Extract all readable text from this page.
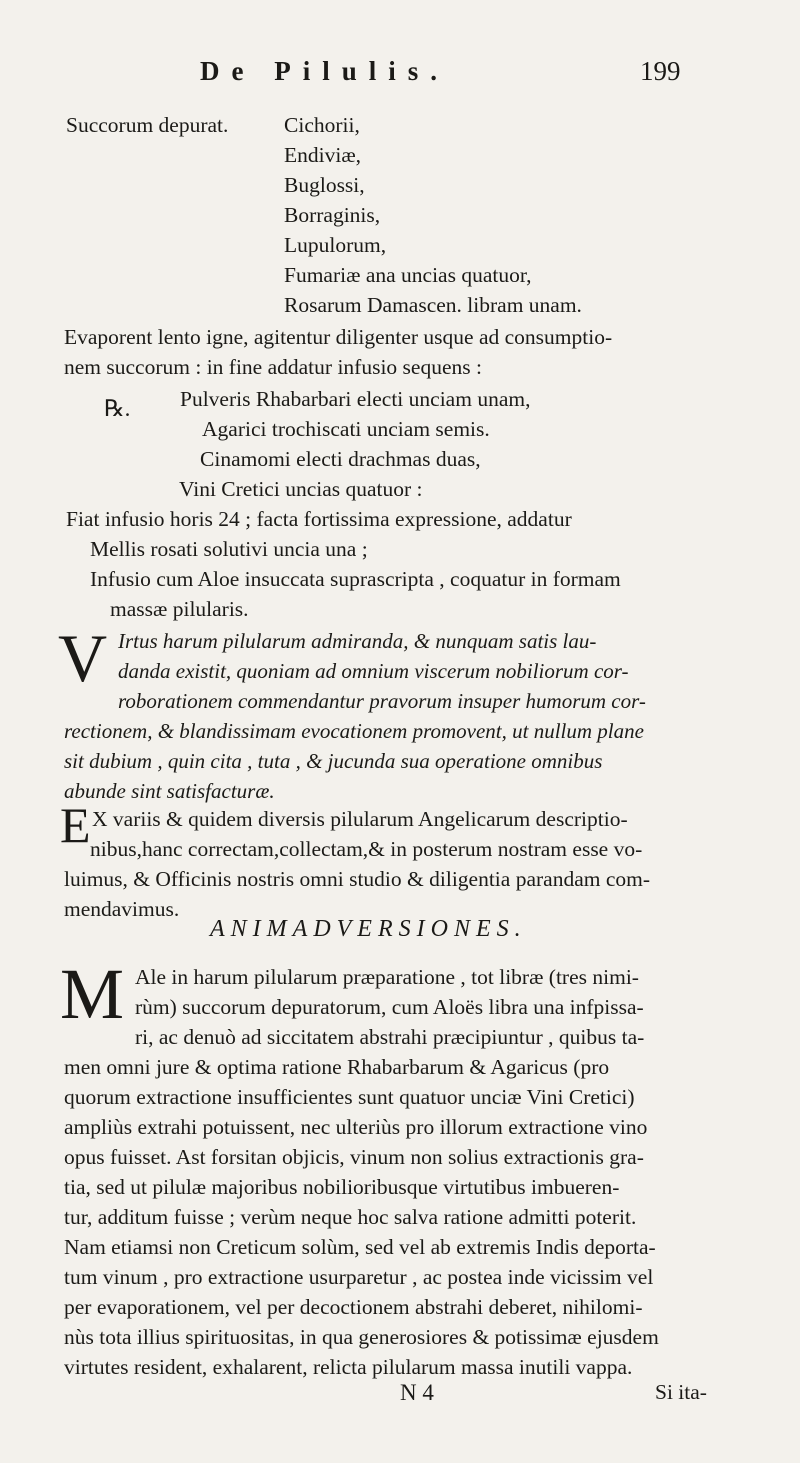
De Pilulis.	199
Succorum depurat.	Cichorii,
Endiviæ,
Buglossi,
Borraginis,
Lupulorum,
Fumariæ ana uncias quatuor,
Rosarum Damascen. libram unam.
Evaporent lento igne, agitentur diligenter usque ad consumptio-
nem succorum : in fine addatur infusio sequens :
℞. Pulveris Rhabarbari electi unciam unam,
Agarici trochiscati unciam semis.
Cinamomi electi drachmas duas,
Vini Cretici uncias quatuor :
Fiat infusio horis 24 ; facta fortissima expressione, addatur
Mellis rosati solutivi uncia una ;
Infusio cum Aloe insuccata suprascripta , coquatur in formam
massæ pilularis.
V Irtus harum pilularum admiranda, & nunquam satis lau-
danda existit, quoniam ad omnium viscerum nobiliorum cor-
roborationem commendantur pravorum insuper humorum cor-
rectionem, & blandissimam evocationem promovent, ut nullum plane
sit dubium , quin cita , tuta , & jucunda sua operatione omnibus
abunde sint satisfacturæ.
E X variis & quidem diversis pilularum Angelicarum descriptio-
nibus,hanc correctam,collectam,& in posterum nostram esse vo-
luimus, & Officinis nostris omni studio & diligentia parandam com-
mendavimus.
ANIMADVERSIONES.
M Ale in harum pilularum præparatione , tot libræ (tres nimi-
rùm) succorum depuratorum, cum Aloës libra una infpissa-
ri, ac denuò ad siccitatem abstrahi præcipiuntur , quibus ta-
men omni jure & optima ratione Rhabarbarum & Agaricus (pro
quorum extractione insufficientes sunt quatuor unciæ Vini Cretici)
ampliùs extrahi potuissent, nec ulteriùs pro illorum extractione vino
opus fuisset. Ast forsitan objicis, vinum non solius extractionis gra-
tia, sed ut pilulæ majoribus nobilioribusque virtutibus imbueren-
tur, additum fuisse ; verùm neque hoc salva ratione admitti poterit.
Nam etiamsi non Creticum solùm, sed vel ab extremis Indis deporta-
tum vinum , pro extractione usurparetur , ac postea inde vicissim vel
per evaporationem, vel per decoctionem abstrahi deberet, nihilomi-
nùs tota illius spirituositas, in qua generosiores & potissimæ ejusdem
virtutes resident, exhalarent, relicta pilularum massa inutili vappa.
N 4	Si ita-
